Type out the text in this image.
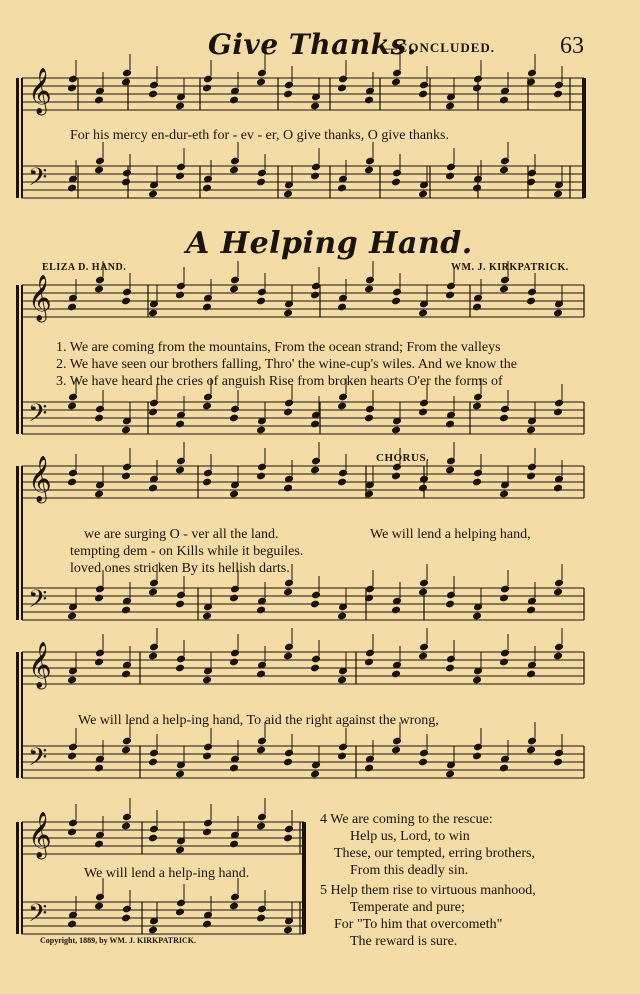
Give Thanks.
—CONCLUDED.	63
For his mercy en-dur-eth for - ev - er, O give thanks, O give thanks.
A Helping Hand.
ELIZA D. HAND.	WM. J. KIRKPATRICK.
1. We are coming from the mountains, From the ocean strand; From the valleys
2. We have seen our brothers falling, Thro' the wine-cup's wiles. And we know the
3. We have heard the cries of anguish Rise from broken hearts O'er the forms of
CHORUS.
we are surging O - ver all the land.
tempting dem - on Kills while it beguiles.
loved ones stricken By its hellish darts.
We will lend a helping hand,
We will lend a help-ing hand, To aid the right against the wrong,
We will lend a help-ing hand.
4 We are coming to the rescue:
Help us, Lord, to win
These, our tempted, erring brothers,
From this deadly sin.
5 Help them rise to virtuous manhood,
Temperate and pure;
For "To him that overcometh"
The reward is sure.
Copyright, 1889, by WM. J. KIRKPATRICK.
𝄞
𝄢
𝄞
𝄢
𝄞
𝄢
𝄞
𝄢
𝄞
𝄢
